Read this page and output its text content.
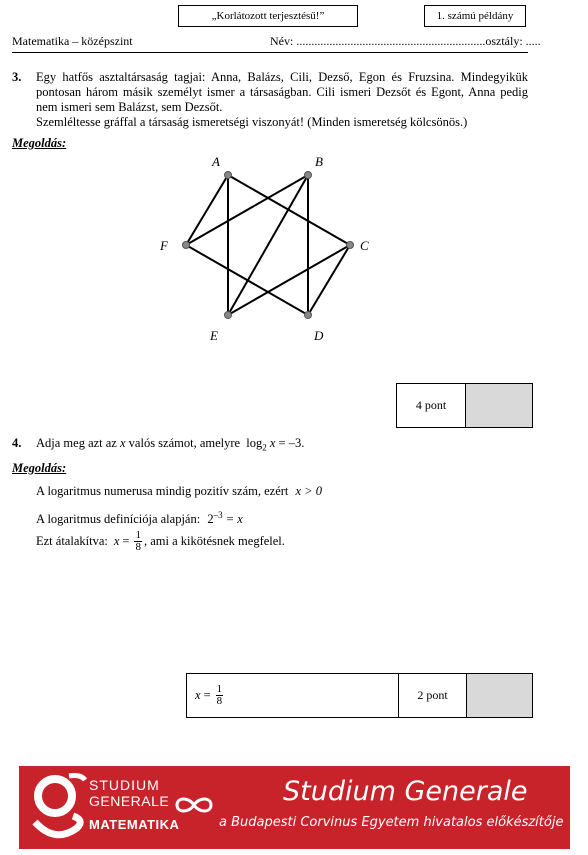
„Korlátozott terjesztésű!”	1. számú példány
Matematika – középszint	Név: ...............................................................osztály: .....
3. Egy hatfős asztaltársaság tagjai: Anna, Balázs, Cili, Dezső, Egon és Fruzsina. Mindegyikük
pontosan három másik személyt ismer a társaságban. Cili ismeri Dezsőt és Egont, Anna pedig
nem ismeri sem Balázst, sem Dezsőt.
Szemléltesse gráffal a társaság ismeretségi viszonyát! (Minden ismeretség kölcsönös.)
Megoldás:
A	B
C
D
E
F
4 pont
4. Adja meg azt az x valós számot, amelyre $\log_2 x = -3$.
Megoldás:
A logaritmus numerusa mindig pozitív szám, ezért x > 0
A logaritmus definíciója alapján: $2^{-3} = x$
Ezt átalakítva: $x = \frac{1}{8}$ , ami a kikötésnek megfelel.
$x = \frac{1}{8}$	2 pont
STUDIUM
GENERALE
MATEMATIKA
Studium Generale
a Budapesti Corvinus Egyetem hivatalos előkészítője
